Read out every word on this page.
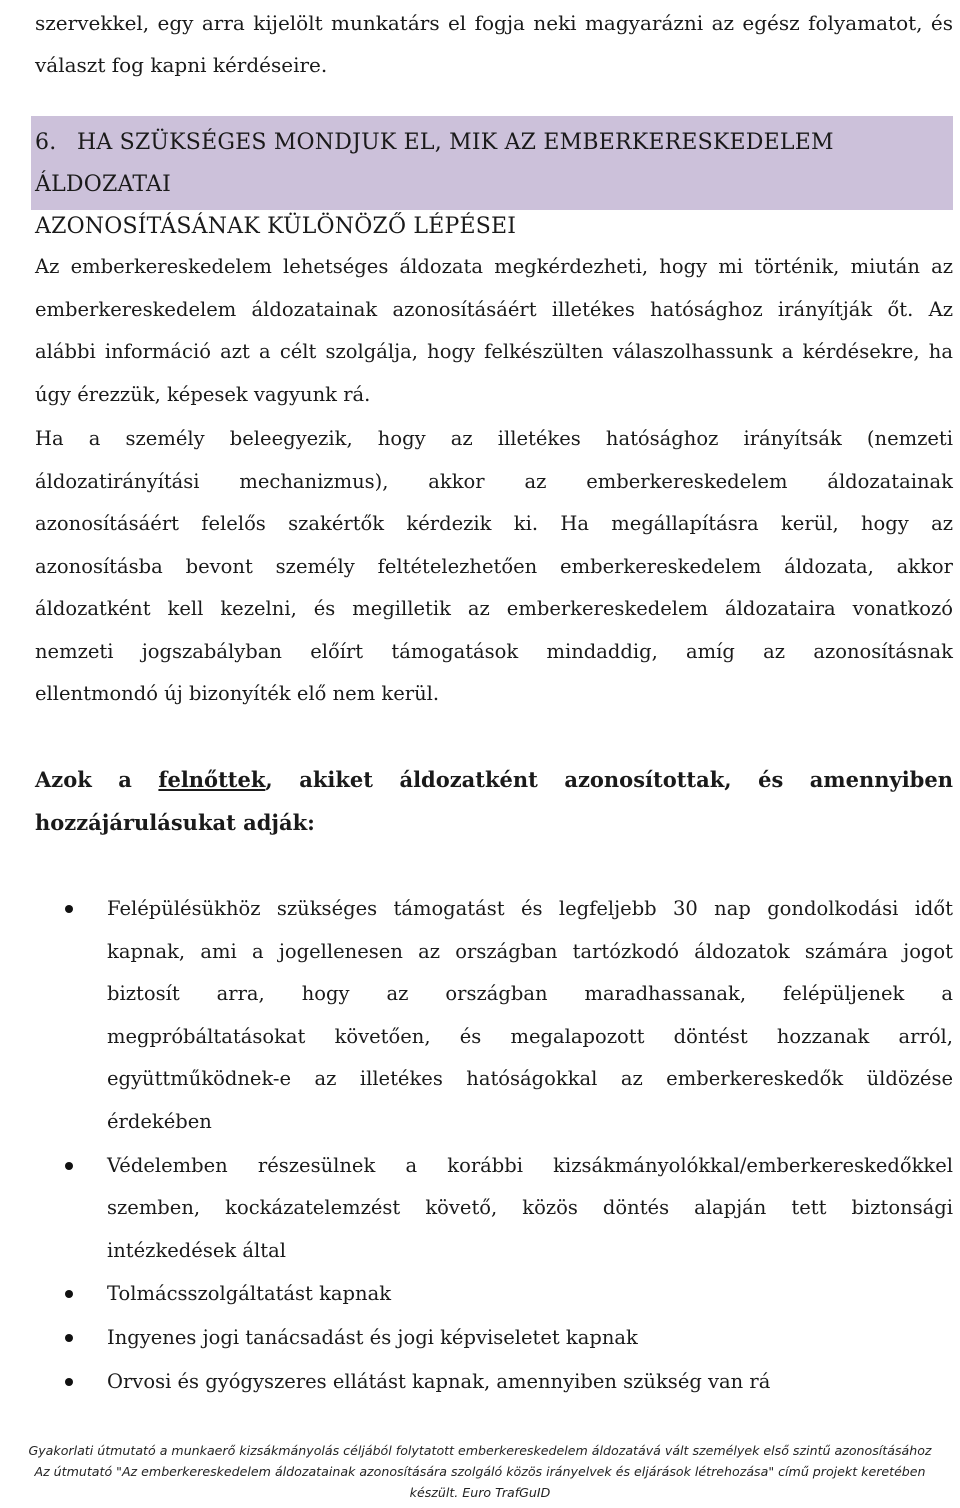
szervekkel, egy arra kijelölt munkatárs el fogja neki magyarázni az egész folyamatot, és
választ fog kapni kérdéseire.
6. HA SZÜKSÉGES MONDJUK EL, MIK AZ EMBERKERESKEDELEM ÁLDOZATAI
AZONOSÍTÁSÁNAK KÜLÖNÖZŐ LÉPÉSEI
Az emberkereskedelem lehetséges áldozata megkérdezheti, hogy mi történik, miután az
emberkereskedelem áldozatainak azonosításáért illetékes hatósághoz irányítják őt. Az
alábbi információ azt a célt szolgálja, hogy felkészülten válaszolhassunk a kérdésekre, ha
úgy érezzük, képesek vagyunk rá.
Ha a személy beleegyezik, hogy az illetékes hatósághoz irányítsák (nemzeti
áldozatirányítási mechanizmus), akkor az emberkereskedelem áldozatainak
azonosításáért felelős szakértők kérdezik ki. Ha megállapításra kerül, hogy az
azonosításba bevont személy feltételezhetően emberkereskedelem áldozata, akkor
áldozatként kell kezelni, és megilletik az emberkereskedelem áldozataira vonatkozó
nemzeti jogszabályban előírt támogatások mindaddig, amíg az azonosításnak
ellentmondó új bizonyíték elő nem kerül.
Azok a felnőttek, akiket áldozatként azonosítottak, és amennyiben
hozzájárulásukat adják:
Felépülésükhöz szükséges támogatást és legfeljebb 30 nap gondolkodási időt
kapnak, ami a jogellenesen az országban tartózkodó áldozatok számára jogot
biztosít arra, hogy az országban maradhassanak, felépüljenek a
megpróbáltatásokat követően, és megalapozott döntést hozzanak arról,
együttműködnek-e az illetékes hatóságokkal az emberkereskedők üldözése
érdekében
Védelemben részesülnek a korábbi kizsákmányolókkal/emberkereskedőkkel
szemben, kockázatelemzést követő, közös döntés alapján tett biztonsági
intézkedések által
Tolmácsszolgáltatást kapnak
Ingyenes jogi tanácsadást és jogi képviseletet kapnak
Orvosi és gyógyszeres ellátást kapnak, amennyiben szükség van rá
Gyakorlati útmutató a munkaerő kizsákmányolás céljából folytatott emberkereskedelem áldozatává vált személyek első szintű azonosításához
Az útmutató "Az emberkereskedelem áldozatainak azonosítására szolgáló közös irányelvek és eljárások létrehozása" című projekt keretében
készült. Euro TrafGuID
